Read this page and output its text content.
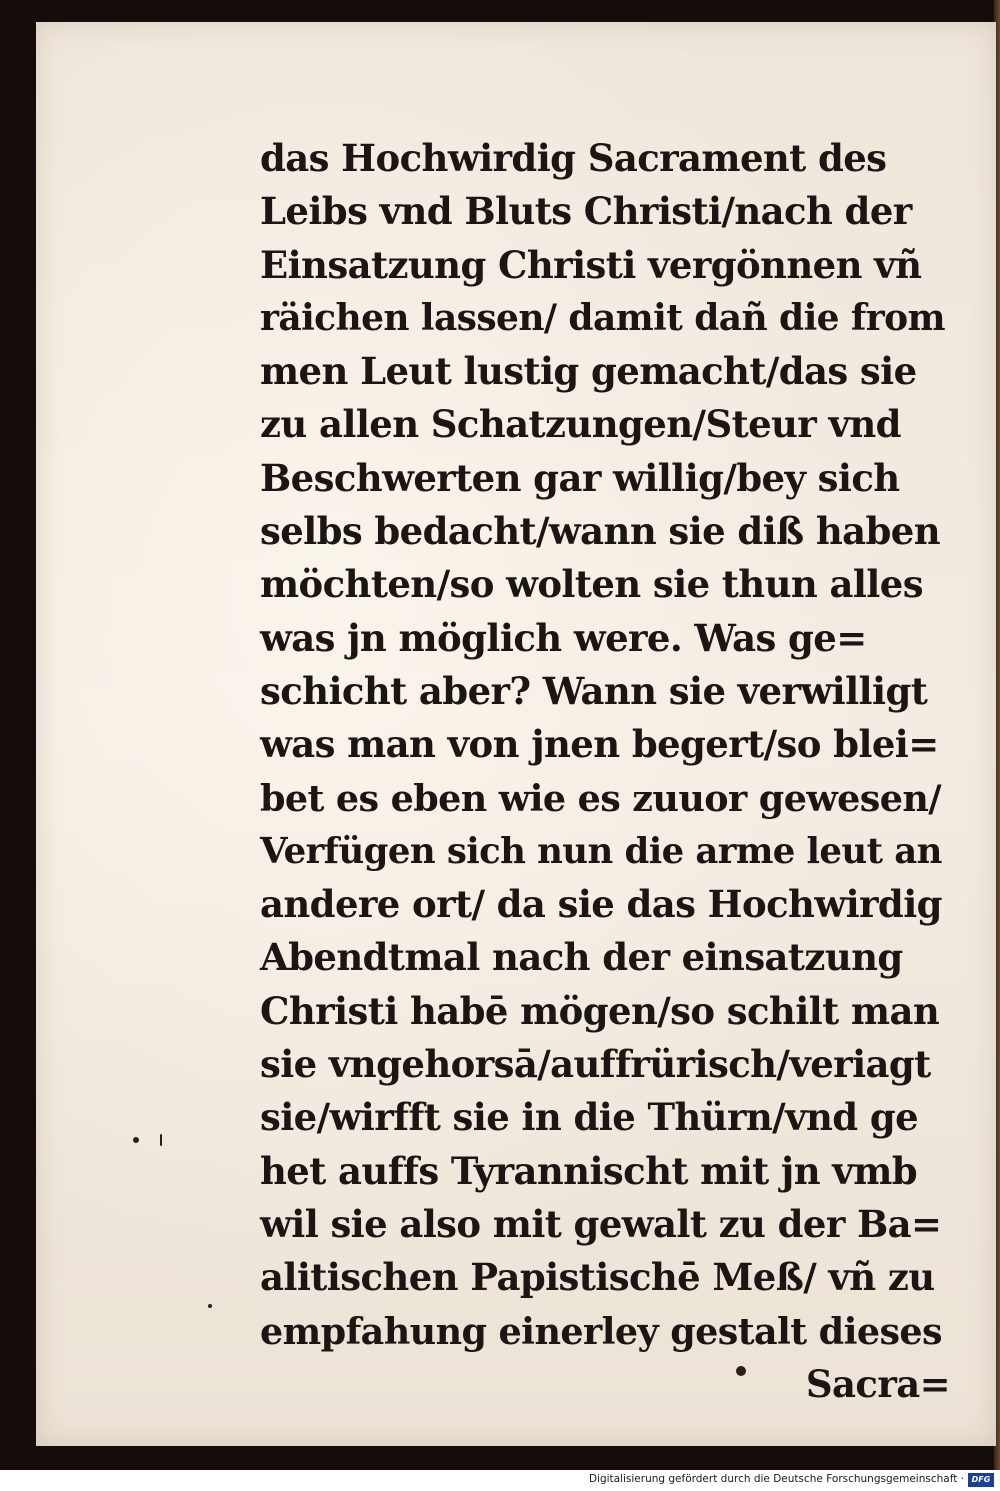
das Hochwirdig Sacrament des
Leibs vnd Bluts Christi/nach der
Einsatzung Christi vergönnen vñ
räichen lassen/ damit dañ die from
men Leut lustig gemacht/das sie
zu allen Schatzungen/Steur vnd
Beschwerten gar willig/bey sich
selbs bedacht/wann sie diß haben
möchten/so wolten sie thun alles
was jn möglich were. Was ge=
schicht aber? Wann sie verwilligt
was man von jnen begert/so blei=
bet es eben wie es zuuor gewesen/
Verfügen sich nun die arme leut an
andere ort/ da sie das Hochwirdig
Abendtmal nach der einsatzung
Christi habē mögen/so schilt man
sie vngehorsā/auffrürisch/veriagt
sie/wirfft sie in die Thürn/vnd ge
het auffs Tyrannischt mit jn vmb
wil sie also mit gewalt zu der Ba=
alitischen Papistischē Meß/ vñ zu
empfahung einerley gestalt dieses
Sacra=
Digitalisierung gefördert durch die Deutsche Forschungsgemeinschaft · DFG
